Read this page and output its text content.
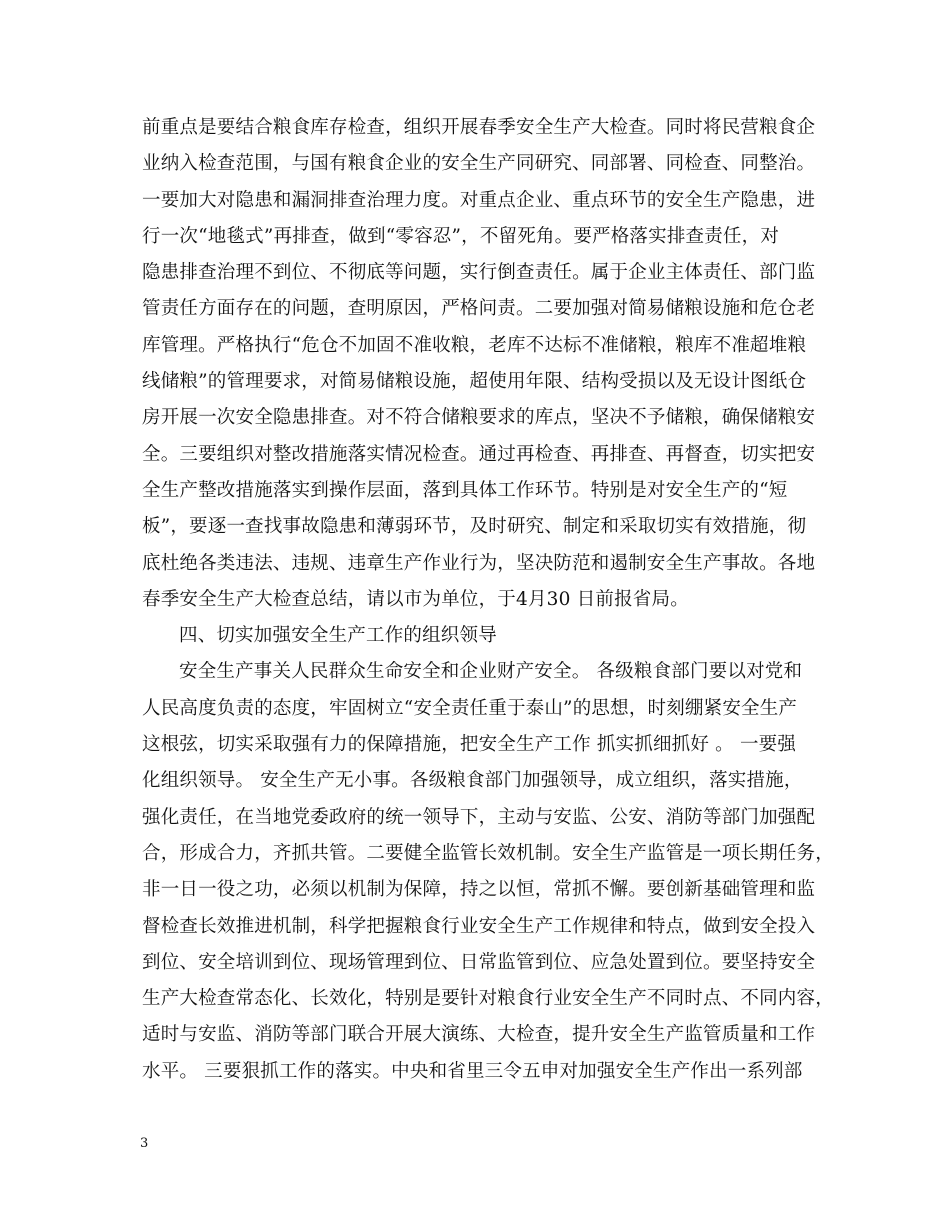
前重点是要结合粮食库存检查，组织开展春季安全生产大检查。同时将民营粮食企
业纳入检查范围，与国有粮食企业的安全生产同研究、同部署、同检查、同整治。
一要加大对隐患和漏洞排查治理力度。对重点企业、重点环节的安全生产隐患，进
行一次“地毯式”再排查，做到“零容忍”，不留死角。要严格落实排查责任，对
隐患排查治理不到位、不彻底等问题，实行倒查责任。属于企业主体责任、部门监
管责任方面存在的问题，查明原因，严格问责。二要加强对简易储粮设施和危仓老
库管理。严格执行“危仓不加固不准收粮，老库不达标不准储粮，粮库不准超堆粮
线储粮”的管理要求，对简易储粮设施，超使用年限、结构受损以及无设计图纸仓
房开展一次安全隐患排查。对不符合储粮要求的库点，坚决不予储粮，确保储粮安
全。三要组织对整改措施落实情况检查。通过再检查、再排查、再督查，切实把安
全生产整改措施落实到操作层面，落到具体工作环节。特别是对安全生产的“短
板”，要逐一查找事故隐患和薄弱环节，及时研究、制定和采取切实有效措施，彻
底杜绝各类违法、违规、违章生产作业行为，坚决防范和遏制安全生产事故。各地
春季安全生产大检查总结，请以市为单位，于4月30 日前报省局。
四、切实加强安全生产工作的组织领导
安全生产事关人民群众生命安全和企业财产安全。 各级粮食部门要以对党和
人民高度负责的态度，牢固树立“安全责任重于泰山”的思想，时刻绷紧安全生产
这根弦，切实采取强有力的保障措施，把安全生产工作 抓实抓细抓好 。 一要强
化组织领导。 安全生产无小事。各级粮食部门加强领导，成立组织，落实措施，
强化责任，在当地党委政府的统一领导下，主动与安监、公安、消防等部门加强配
合，形成合力，齐抓共管。二要健全监管长效机制。安全生产监管是一项长期任务，
非一日一役之功，必须以机制为保障，持之以恒，常抓不懈。要创新基础管理和监
督检查长效推进机制，科学把握粮食行业安全生产工作规律和特点，做到安全投入
到位、安全培训到位、现场管理到位、日常监管到位、应急处置到位。要坚持安全
生产大检查常态化、长效化，特别是要针对粮食行业安全生产不同时点、不同内容，
适时与安监、消防等部门联合开展大演练、大检查，提升安全生产监管质量和工作
水平。 三要狠抓工作的落实。中央和省里三令五申对加强安全生产作出一系列部
3
